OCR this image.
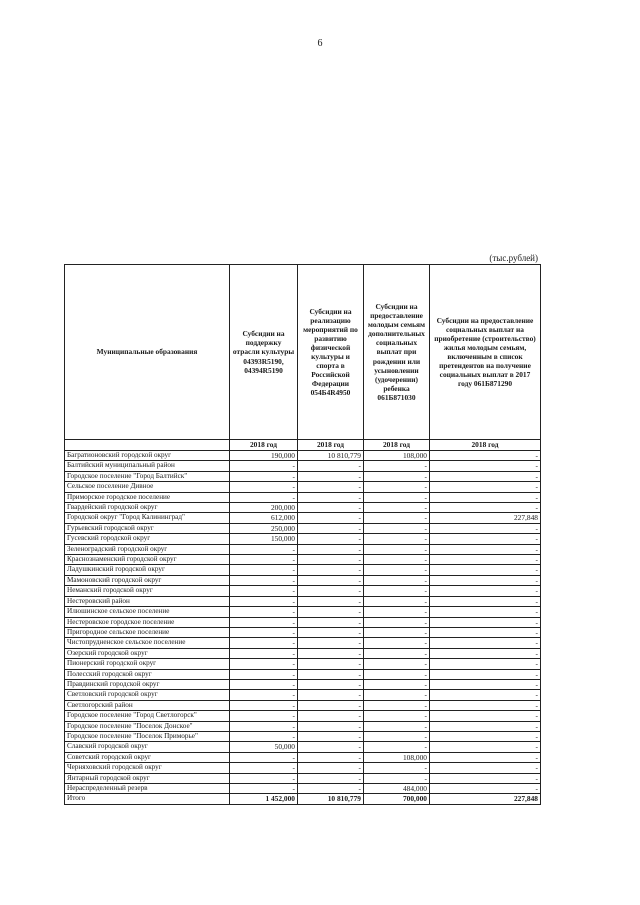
6
(тыс.рублей)
Муниципальные образования	Субсидии на поддержку отрасли культуры 04393R5190, 04394R5190	Субсидии на реализацию мероприятий по развитию физической культуры и спорта в Российской Федерации 054Б4R4950	Субсидии на предоставление молодым семьям дополнительных социальных выплат при рождении или усыновлении (удочерении) ребенка 061Б871030	Субсидии на предоставление социальных выплат на приобретение (строительство) жилья молодым семьям, включенным в список претендентов на получение социальных выплат в 2017 году 061Б871290
	2018 год	2018 год	2018 год	2018 год
Багратионовский городской округ	190,000	10 810,779	108,000	-
Балтийский муниципальный район	-	-	-	-
Городское поселение "Город Балтийск"	-	-	-	-
Сельское поселение Дивное	-	-	-	-
Приморское городское поселение	-	-	-	-
Гвардейский городской округ	200,000	-	-	-
Городской округ "Город Калининград"	612,000	-	-	227,848
Гурьевский городской округ	250,000	-	-	-
Гусевский городской округ	150,000	-	-	-
Зеленоградский городской округ	-	-	-	-
Краснознаменский городской округ	-	-	-	-
Ладушкинский городской округ	-	-	-	-
Мамоновский городской округ	-	-	-	-
Неманский городской округ	-	-	-	-
Нестеровский район	-	-	-	-
Илюшинское сельское поселение	-	-	-	-
Нестеровское городское поселение	-	-	-	-
Пригородное сельское поселение	-	-	-	-
Чистопрудненское сельское поселение	-	-	-	-
Озерский городской округ	-	-	-	-
Пионерский городской округ	-	-	-	-
Полесский городской округ	-	-	-	-
Правдинский городской округ	-	-	-	-
Светловский городской округ	-	-	-	-
Светлогорский район	-	-	-	-
Городское поселение "Город Светлогорск"	-	-	-	-
Городское поселение "Поселок Донское"	-	-	-	-
Городское поселение "Поселок Приморье"	-	-	-	-
Славский городской округ	50,000	-	-	-
Советский городской округ	-	-	108,000	-
Черняховский городской округ	-	-	-	-
Янтарный городской округ	-	-	-	-
Нераспределенный резерв	-	-	484,000	-
Итого	1 452,000	10 810,779	700,000	227,848
